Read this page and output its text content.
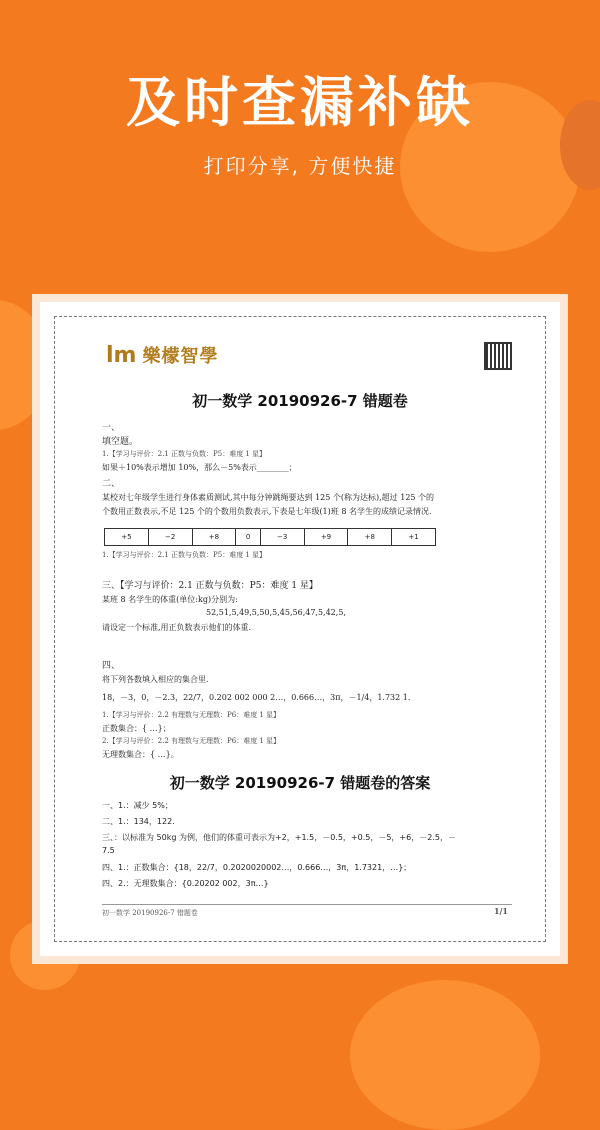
及时查漏补缺
打印分享, 方便快捷
lm 樂檬智學
初一数学 20190926-7 错题卷
一、
填空题。
1.【学习与评价：2.1 正数与负数：P5：难度 1 星】
如果＋10%表示增加 10%，那么－5%表示________；
二、
某校对七年级学生进行身体素质测试,其中每分钟跳绳要达到 125 个(称为达标),超过 125 个的
个数用正数表示,不足 125 个的个数用负数表示,下表是七年级(1)班 8 名学生的成绩记录情况.
+5	−2	+8	0	−3	+9	+8	+1
1.【学习与评价：2.1 正数与负数：P5：难度 1 星】
三、【学习与评价：2.1 正数与负数：P5：难度 1 星】
某班 8 名学生的体重(单位:kg)分别为:
52,51,5,49,5,50,5,45,56,47,5,42,5,
请设定一个标准,用正负数表示他们的体重.
四、
将下列各数填入相应的集合里.
18，－3，0，－2.3，22/7，0.202 002 000 2…，0.666…，3π，－1/4，1.732 1.
1.【学习与评价：2.2 有理数与无理数：P6：难度 1 星】
正数集合：{ …}；
2.【学习与评价：2.2 有理数与无理数：P6：难度 1 星】
无理数集合：{ …}。
初一数学 20190926-7 错题卷的答案
一、1.：减少 5%；
二、1.：134，122.
三、：以标准为 50kg 为例，他们的体重可表示为+2，+1.5，－0.5，+0.5，－5，+6，－2.5，－
7.5
四、1.：正数集合：{18，22/7，0.2020020002…，0.666…，3π，1.7321，…}；
四、2.：无理数集合：{0.20202 002，3π…}
初一数学 20190926-7 错题卷	1/1
